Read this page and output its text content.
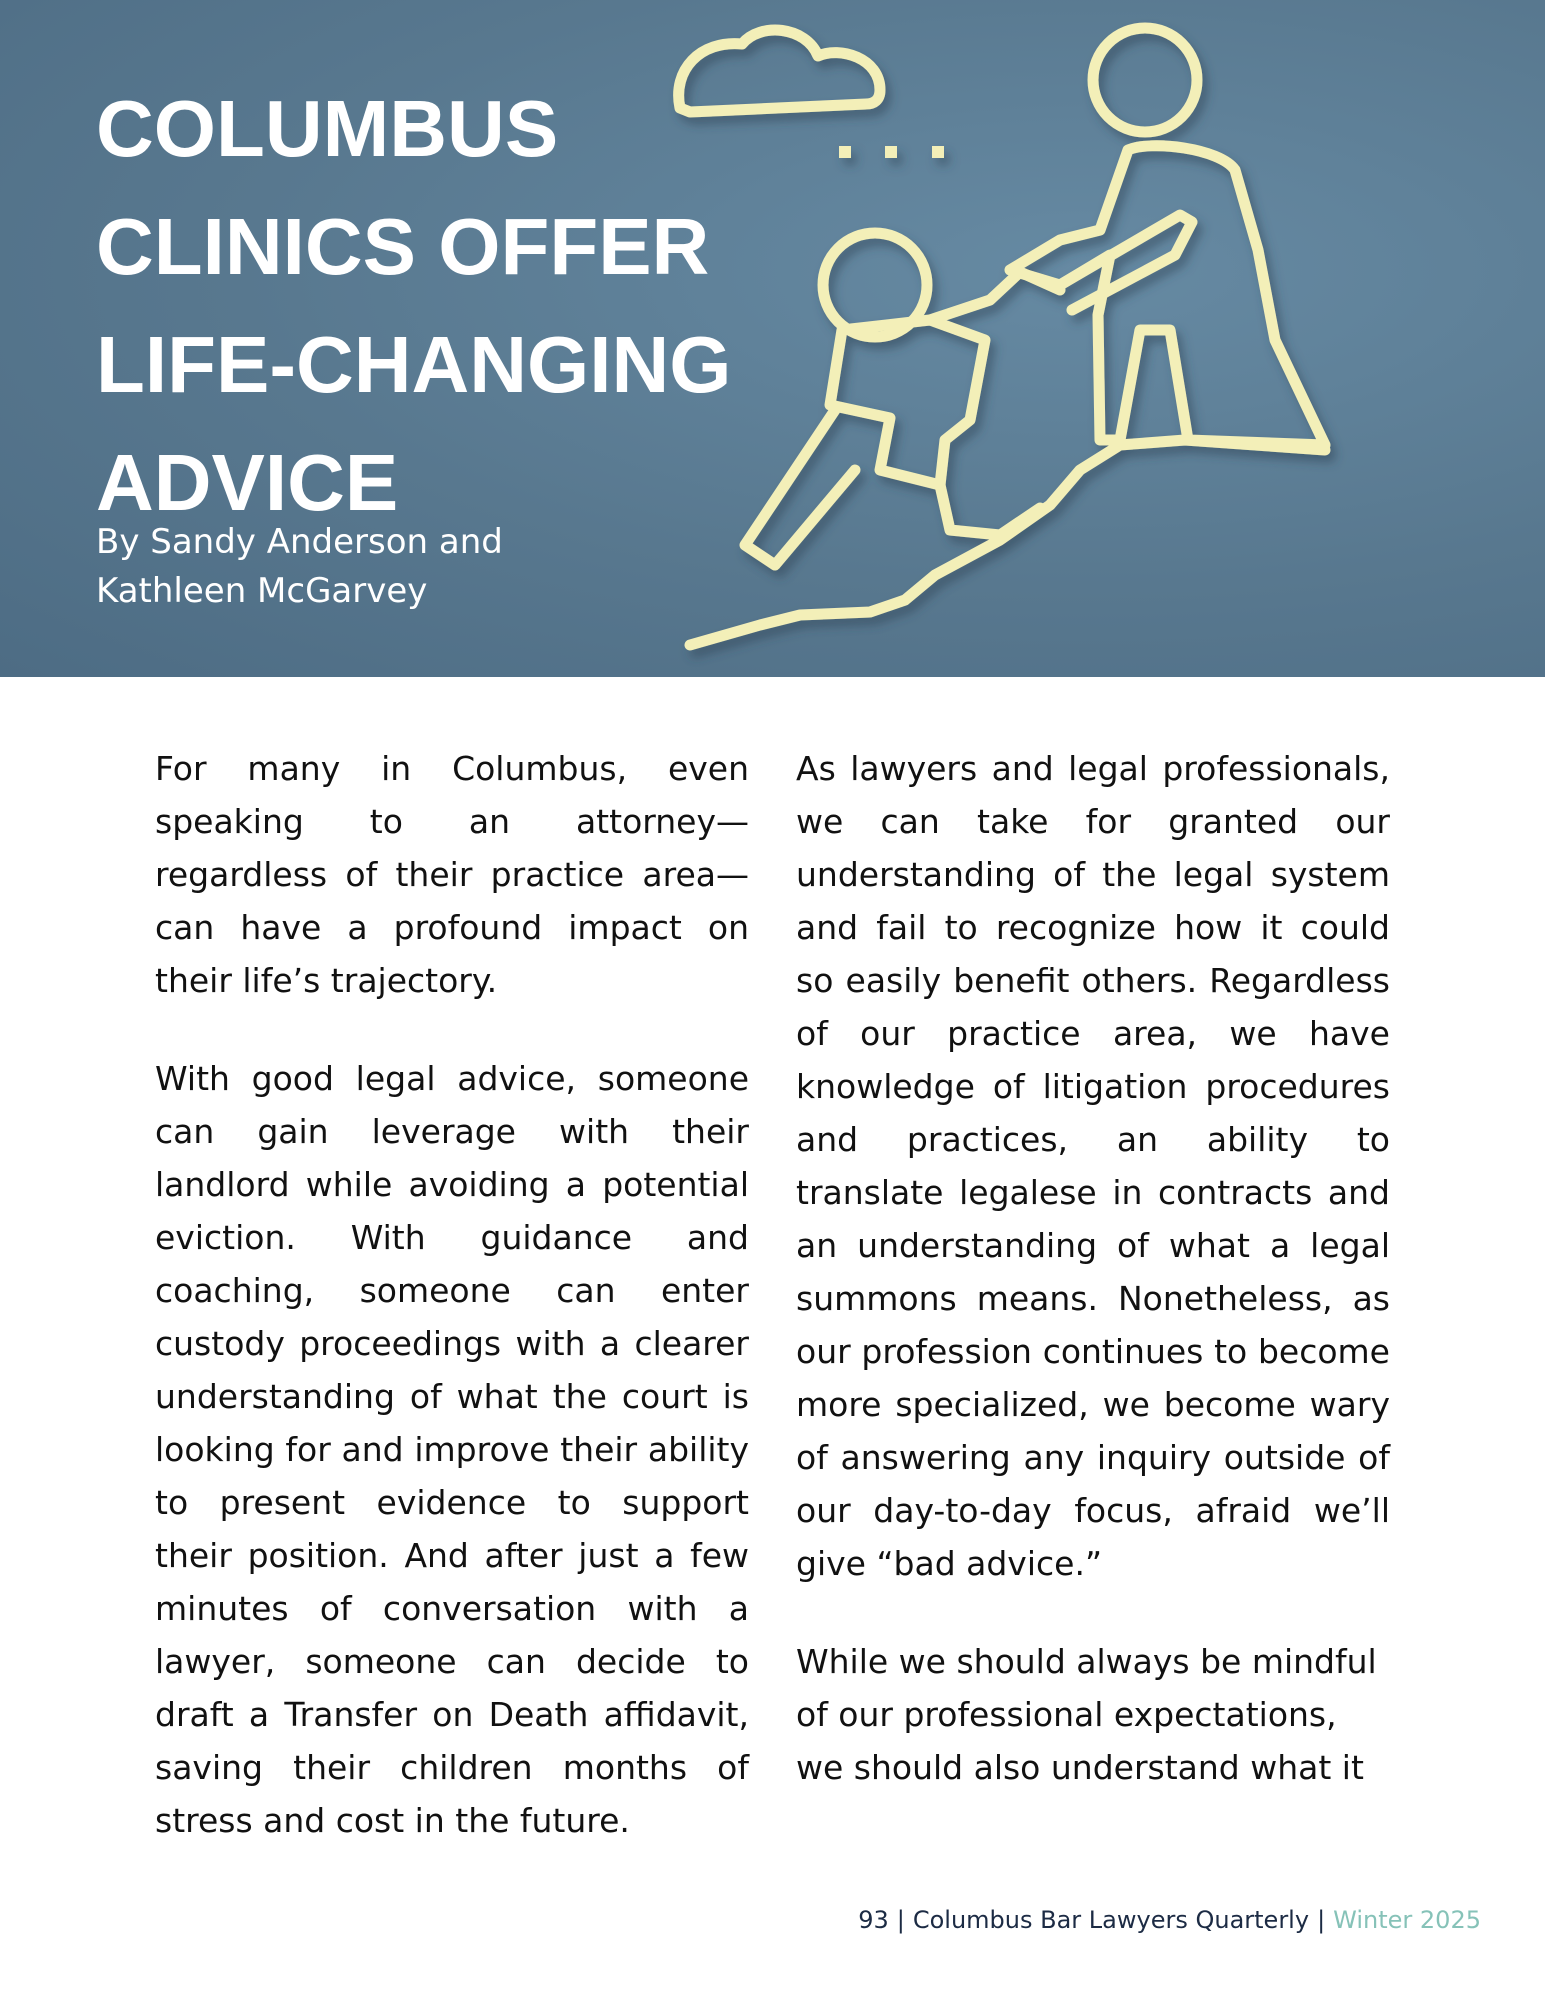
COLUMBUS
CLINICS OFFER
LIFE-CHANGING
ADVICE
By Sandy Anderson and
Kathleen McGarvey

For many in Columbus, even speaking to an attorney—regardless of their practice area—can have a profound impact on their life’s trajectory.

With good legal advice, someone can gain leverage with their landlord while avoiding a potential eviction. With guidance and coaching, someone can enter custody proceedings with a clearer understanding of what the court is looking for and improve their ability to present evidence to support their position. And after just a few minutes of conversation with a lawyer, someone can decide to draft a Transfer on Death affidavit, saving their children months of stress and cost in the future.

As lawyers and legal professionals, we can take for granted our understanding of the legal system and fail to recognize how it could so easily benefit others. Regardless of our practice area, we have knowledge of litigation procedures and practices, an ability to translate legalese in contracts and an understanding of what a legal summons means. Nonetheless, as our profession continues to become more specialized, we become wary of answering any inquiry outside of our day-to-day focus, afraid we’ll give “bad advice.”

While we should always be mindful of our professional expectations, we should also understand what it

93 | Columbus Bar Lawyers Quarterly | Winter 2025
